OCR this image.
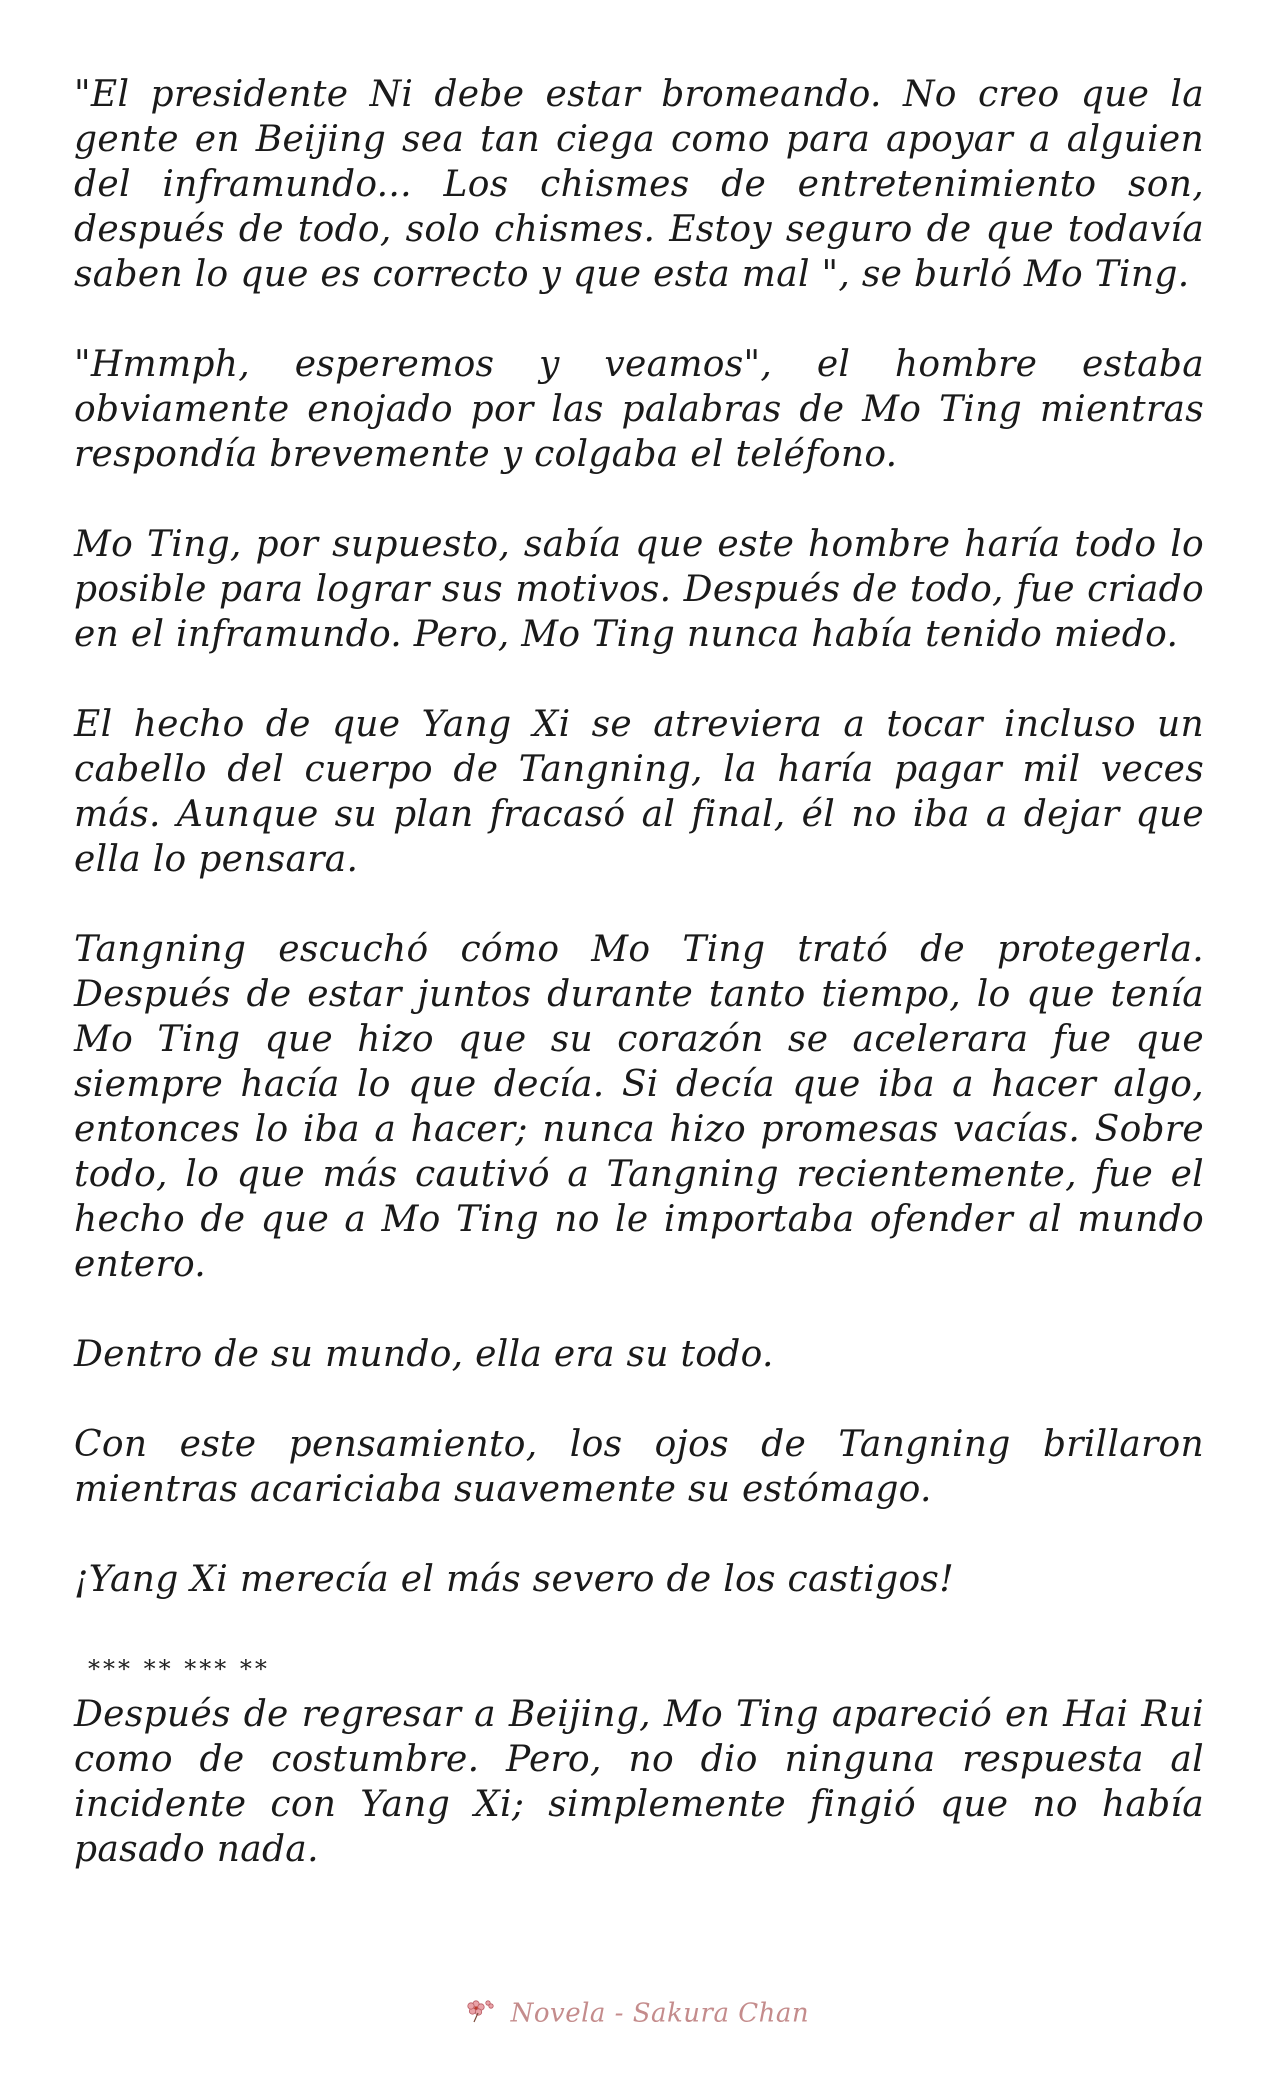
"El presidente Ni debe estar bromeando. No creo que la gente en Beijing sea tan ciega como para apoyar a alguien del inframundo... Los chismes de entretenimiento son, después de todo, solo chismes. Estoy seguro de que todavía saben lo que es correcto y que esta mal ", se burló Mo Ting.

"Hmmph, esperemos y veamos", el hombre estaba obviamente enojado por las palabras de Mo Ting mientras respondía brevemente y colgaba el teléfono.

Mo Ting, por supuesto, sabía que este hombre haría todo lo posible para lograr sus motivos. Después de todo, fue criado en el inframundo. Pero, Mo Ting nunca había tenido miedo.

El hecho de que Yang Xi se atreviera a tocar incluso un cabello del cuerpo de Tangning, la haría pagar mil veces más. Aunque su plan fracasó al final, él no iba a dejar que ella lo pensara.

Tangning escuchó cómo Mo Ting trató de protegerla. Después de estar juntos durante tanto tiempo, lo que tenía Mo Ting que hizo que su corazón se acelerara fue que siempre hacía lo que decía. Si decía que iba a hacer algo, entonces lo iba a hacer; nunca hizo promesas vacías. Sobre todo, lo que más cautivó a Tangning recientemente, fue el hecho de que a Mo Ting no le importaba ofender al mundo entero.

Dentro de su mundo, ella era su todo.

Con este pensamiento, los ojos de Tangning brillaron mientras acariciaba suavemente su estómago.

¡Yang Xi merecía el más severo de los castigos!

*** ** *** **

Después de regresar a Beijing, Mo Ting apareció en Hai Rui como de costumbre. Pero, no dio ninguna respuesta al incidente con Yang Xi; simplemente fingió que no había pasado nada.

Novela - Sakura Chan
